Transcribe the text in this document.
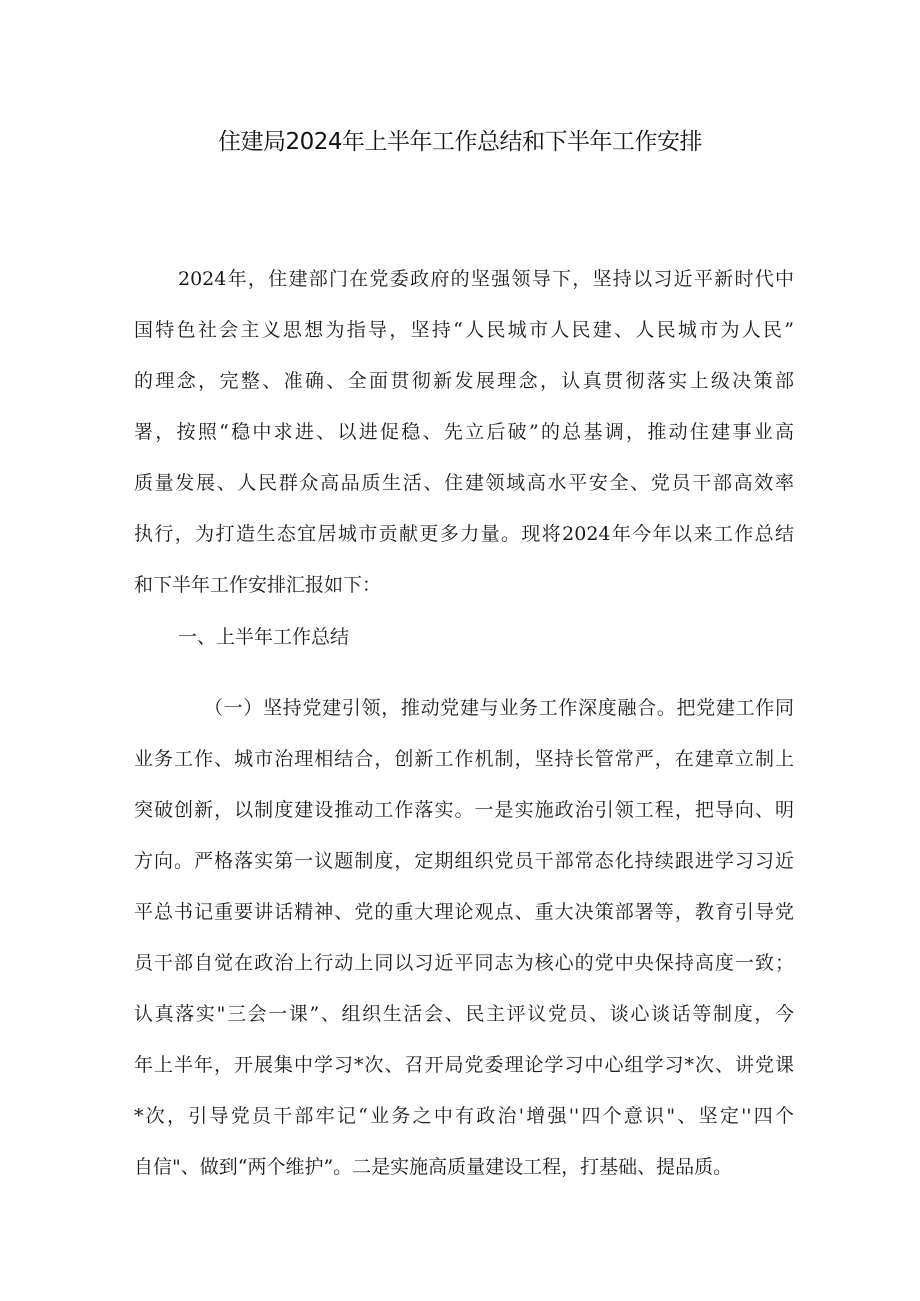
住建局2024年上半年工作总结和下半年工作安排
2024年，住建部门在党委政府的坚强领导下，坚持以习近平新时代中
国特色社会主义思想为指导，坚持“人民城市人民建、人民城市为人民”
的理念，完整、准确、全面贯彻新发展理念，认真贯彻落实上级决策部
署，按照“稳中求进、以进促稳、先立后破”的总基调，推动住建事业高
质量发展、人民群众高品质生活、住建领域高水平安全、党员干部高效率
执行，为打造生态宜居城市贡献更多力量。现将2024年今年以来工作总结
和下半年工作安排汇报如下：
一、上半年工作总结
（一）坚持党建引领，推动党建与业务工作深度融合。把党建工作同
业务工作、城市治理相结合，创新工作机制，坚持长管常严，在建章立制上
突破创新，以制度建设推动工作落实。一是实施政治引领工程，把导向、明
方向。严格落实第一议题制度，定期组织党员干部常态化持续跟进学习习近
平总书记重要讲话精神、党的重大理论观点、重大决策部署等，教育引导党
员干部自觉在政治上行动上同以习近平同志为核心的党中央保持高度一致；
认真落实"三会一课”、组织生活会、民主评议党员、谈心谈话等制度，今
年上半年，开展集中学习*次、召开局党委理论学习中心组学习*次、讲党课
*次，引导党员干部牢记“业务之中有政治'增强''四个意识"、坚定''四个
自信"、做到“两个维护”。二是实施高质量建设工程，打基础、提品质。
